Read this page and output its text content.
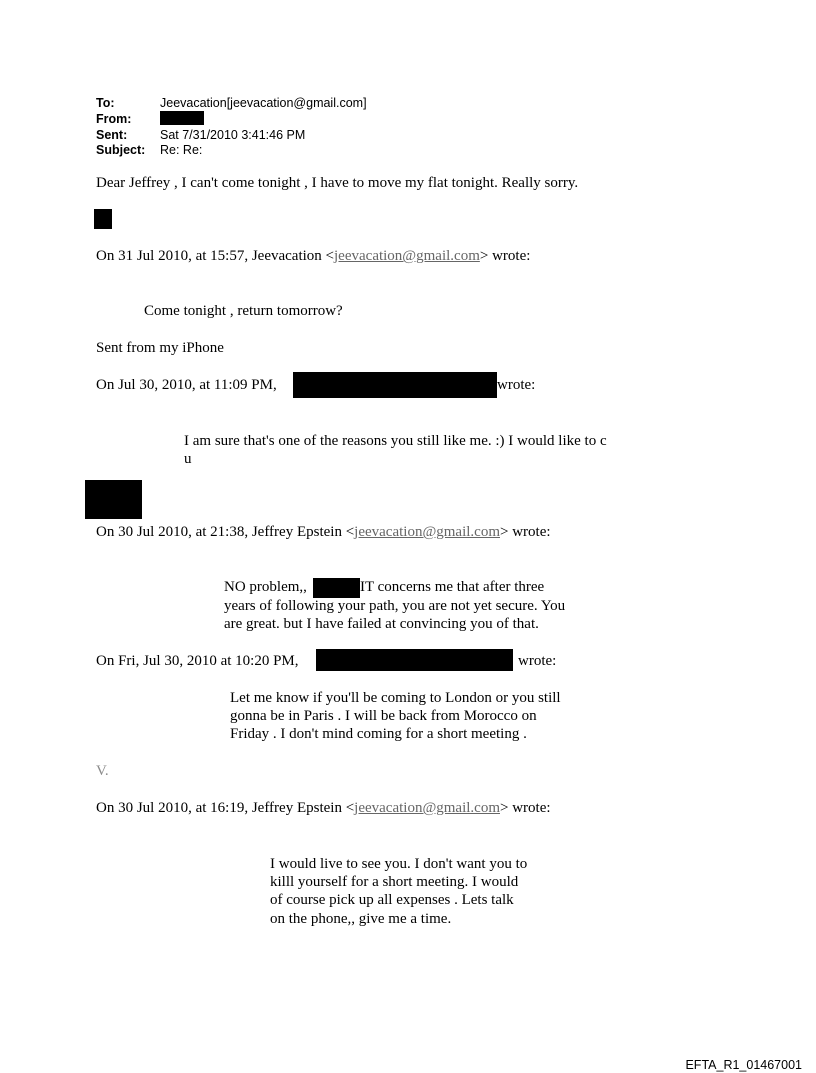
To:	Jeevacation[jeevacation@gmail.com]
From:
Sent:	Sat 7/31/2010 3:41:46 PM
Subject: Re: Re:
Dear Jeffrey , I can't come tonight , I have to move my flat tonight. Really sorry.
On 31 Jul 2010, at 15:57, Jeevacation <jeevacation@gmail.com> wrote:
Come tonight , return tomorrow?
Sent from my iPhone
On Jul 30, 2010, at 11:09 PM,	wrote:
I am sure that's one of the reasons you still like me. :) I would like to c
u
On 30 Jul 2010, at 21:38, Jeffrey Epstein <jeevacation@gmail.com> wrote:
NO problem,,	IT concerns me that after three
years of following your path, you are not yet secure. You
are great. but I have failed at convincing you of that.
On Fri, Jul 30, 2010 at 10:20 PM,	wrote:
Let me know if you'll be coming to London or you still
gonna be in Paris . I will be back from Morocco on
Friday . I don't mind coming for a short meeting .
V.
On 30 Jul 2010, at 16:19, Jeffrey Epstein <jeevacation@gmail.com> wrote:
I would live to see you. I don't want you to
killl yourself for a short meeting. I would
of course pick up all expenses . Lets talk
on the phone,, give me a time.
EFTA_R1_01467001
